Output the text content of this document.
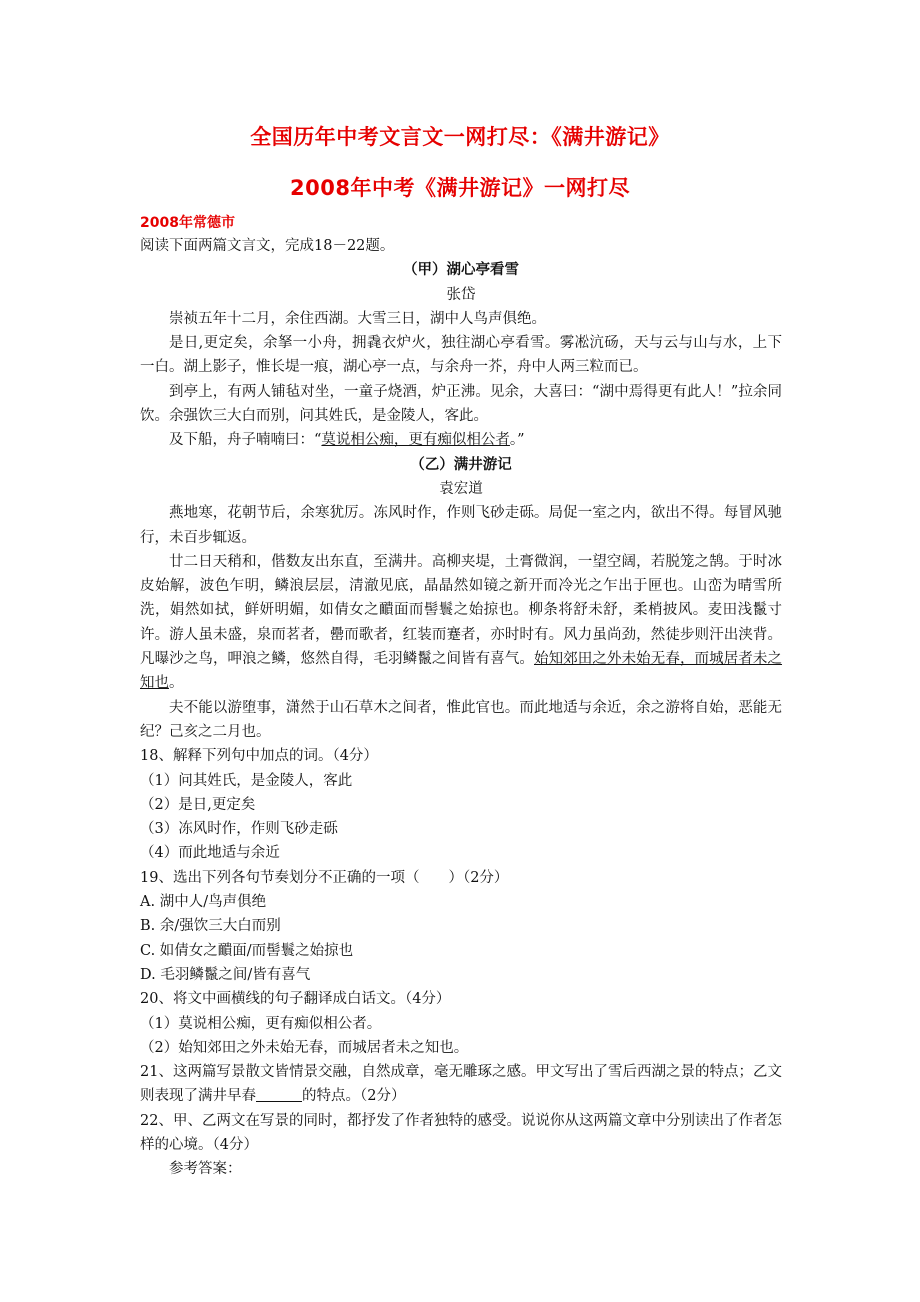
全国历年中考文言文一网打尽：《满井游记》
2008年中考《满井游记》一网打尽
2008年常德市

阅读下面两篇文言文，完成18－22题。

（甲）湖心亭看雪

张岱

崇祯五年十二月，余住西湖。大雪三日，湖中人鸟声俱绝。

是日,更定矣，余拏一小舟，拥毳衣炉火，独往湖心亭看雪。雾凇沆砀，天与云与山与水，上下一白。湖上影子，惟长堤一痕，湖心亭一点，与余舟一芥，舟中人两三粒而已。

到亭上，有两人铺毡对坐，一童子烧酒，炉正沸。见余，大喜曰：“湖中焉得更有此人！”拉余同饮。余强饮三大白而别，问其姓氏，是金陵人，客此。

及下船，舟子喃喃曰：“莫说相公痴，更有痴似相公者。”

（乙）满井游记

袁宏道

燕地寒，花朝节后，余寒犹厉。冻风时作，作则飞砂走砾。局促一室之内，欲出不得。每冒风驰行，未百步辄返。

廿二日天稍和，偕数友出东直，至满井。高柳夹堤，土膏微润，一望空阔，若脱笼之鹄。于时冰皮始解，波色乍明，鳞浪层层，清澈见底，晶晶然如镜之新开而冷光之乍出于匣也。山峦为晴雪所洗，娟然如拭，鲜妍明媚，如倩女之靧面而髻鬟之始掠也。柳条将舒未舒，柔梢披风。麦田浅鬣寸许。游人虽未盛，泉而茗者，罍而歌者，红装而蹇者，亦时时有。风力虽尚劲，然徒步则汗出浃背。凡曝沙之鸟，呷浪之鳞，悠然自得，毛羽鳞鬣之间皆有喜气。始知郊田之外未始无春，而城居者未之知也。

夫不能以游堕事，潇然于山石草木之间者，惟此官也。而此地适与余近，余之游将自始，恶能无纪？己亥之二月也。

18、解释下列句中加点的词。（4分）

（1）问其姓氏，是金陵人，客此

（2）是日,更定矣

（3）冻风时作，作则飞砂走砾

（4）而此地适与余近

19、选出下列各句节奏划分不正确的一项（　　）（2分）

A. 湖中人/鸟声俱绝

B. 余/强饮三大白而别

C. 如倩女之靧面/而髻鬟之始掠也

D. 毛羽鳞鬣之间/皆有喜气

20、将文中画横线的句子翻译成白话文。（4分）

（1）莫说相公痴，更有痴似相公者。

（2）始知郊田之外未始无春，而城居者未之知也。

21、这两篇写景散文皆情景交融，自然成章，毫无雕琢之感。甲文写出了雪后西湖之景的特点；乙文则表现了满井早春	的特点。（2分）

22、甲、乙两文在写景的同时，都抒发了作者独特的感受。说说你从这两篇文章中分别读出了作者怎样的心境。（4分）

参考答案：
